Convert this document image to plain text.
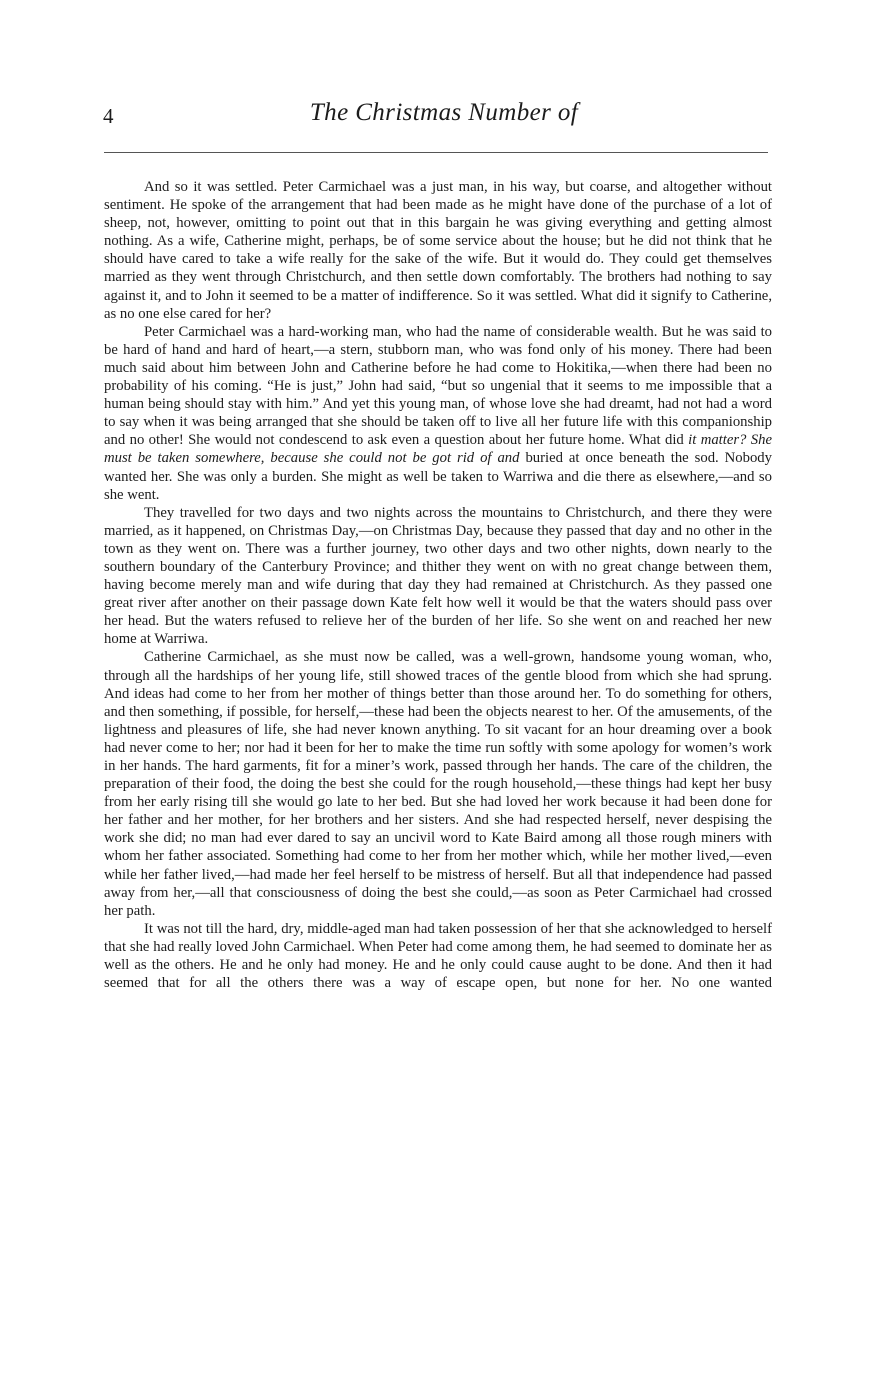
4	The Christmas Number of

And so it was settled. Peter Carmichael was a just man, in his way, but coarse, and altogether without sentiment. He spoke of the arrangement that had been made as he might have done of the purchase of a lot of sheep, not, however, omitting to point out that in this bargain he was giving everything and getting almost nothing. As a wife, Catherine might, perhaps, be of some service about the house; but he did not think that he should have cared to take a wife really for the sake of the wife. But it would do. They could get themselves married as they went through Christchurch, and then settle down comfortably. The brothers had nothing to say against it, and to John it seemed to be a matter of indifference. So it was settled. What did it signify to Catherine, as no one else cared for her?

Peter Carmichael was a hard-working man, who had the name of considerable wealth. But he was said to be hard of hand and hard of heart,—a stern, stubborn man, who was fond only of his money. There had been much said about him between John and Catherine before he had come to Hokitika,—when there had been no probability of his coming. “He is just,” John had said, “but so ungenial that it seems to me impossible that a human being should stay with him.” And yet this young man, of whose love she had dreamt, had not had a word to say when it was being arranged that she should be taken off to live all her future life with this companionship and no other! She would not condescend to ask even a question about her future home. What did it matter? She must be taken somewhere, because she could not be got rid of and buried at once beneath the sod. Nobody wanted her. She was only a burden. She might as well be taken to Warriwa and die there as elsewhere,—and so she went.

They travelled for two days and two nights across the mountains to Christchurch, and there they were married, as it happened, on Christmas Day,—on Christmas Day, because they passed that day and no other in the town as they went on. There was a further journey, two other days and two other nights, down nearly to the southern boundary of the Canterbury Province; and thither they went on with no great change between them, having become merely man and wife during that day they had remained at Christchurch. As they passed one great river after another on their passage down Kate felt how well it would be that the waters should pass over her head. But the waters refused to relieve her of the burden of her life. So she went on and reached her new home at Warriwa.

Catherine Carmichael, as she must now be called, was a well-grown, handsome young woman, who, through all the hardships of her young life, still showed traces of the gentle blood from which she had sprung. And ideas had come to her from her mother of things better than those around her. To do something for others, and then something, if possible, for herself,—these had been the objects nearest to her. Of the amusements, of the lightness and pleasures of life, she had never known anything. To sit vacant for an hour dreaming over a book had never come to her; nor had it been for her to make the time run softly with some apology for women’s work in her hands. The hard garments, fit for a miner’s work, passed through her hands. The care of the children, the preparation of their food, the doing the best she could for the rough household,—these things had kept her busy from her early rising till she would go late to her bed. But she had loved her work because it had been done for her father and her mother, for her brothers and her sisters. And she had respected herself, never despising the work she did; no man had ever dared to say an uncivil word to Kate Baird among all those rough miners with whom her father associated. Something had come to her from her mother which, while her mother lived,—even while her father lived,—had made her feel herself to be mistress of herself. But all that independence had passed away from her,—all that consciousness of doing the best she could,—as soon as Peter Carmichael had crossed her path.

It was not till the hard, dry, middle-aged man had taken possession of her that she acknowledged to herself that she had really loved John Carmichael. When Peter had come among them, he had seemed to dominate her as well as the others. He and he only had money. He and he only could cause aught to be done. And then it had seemed that for all the others there was a way of escape open, but none for her. No one wanted
